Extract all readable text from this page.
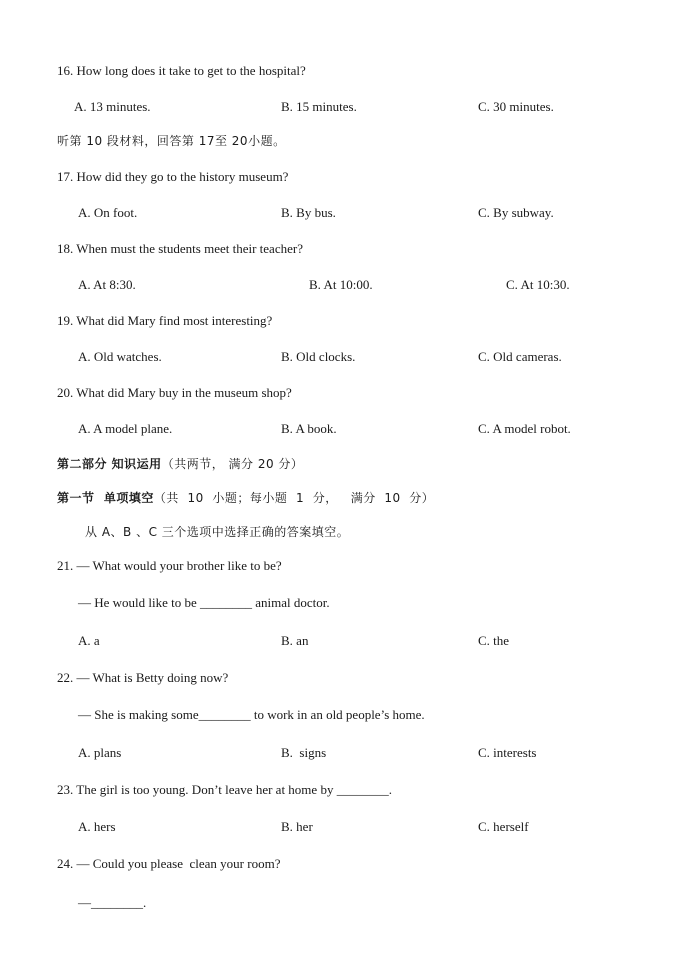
16. How long does it take to get to the hospital?
A. 13 minutes.	B. 15 minutes.	C. 30 minutes.
听第 10 段材料，回答第 17至 20小题。
17. How did they go to the history museum?
A. On foot.	B. By bus.	C. By subway.
18. When must the students meet their teacher?
A. At 8:30.	B. At 10:00.	C. At 10:30.
19. What did Mary find most interesting?
A. Old watches.	B. Old clocks.	C. Old cameras.
20. What did Mary buy in the museum shop?
A. A model plane.	B. A book.	C. A model robot.
第二部分 知识运用（共两节， 满分 20 分）
第一节  单项填空（共  10  小题；每小题  1  分，   满分  10  分）
从 A、B 、C 三个选项中选择正确的答案填空。
21. — What would your brother like to be?
— He would like to be ________ animal doctor.
A. a	B. an	C. the
22. — What is Betty doing now?
— She is making some________ to work in an old people’s home.
A. plans	B.  signs	C. interests
23. The girl is too young. Don’t leave her at home by ________.
A. hers	B. her	C. herself
24. — Could you please  clean your room?
—________.
